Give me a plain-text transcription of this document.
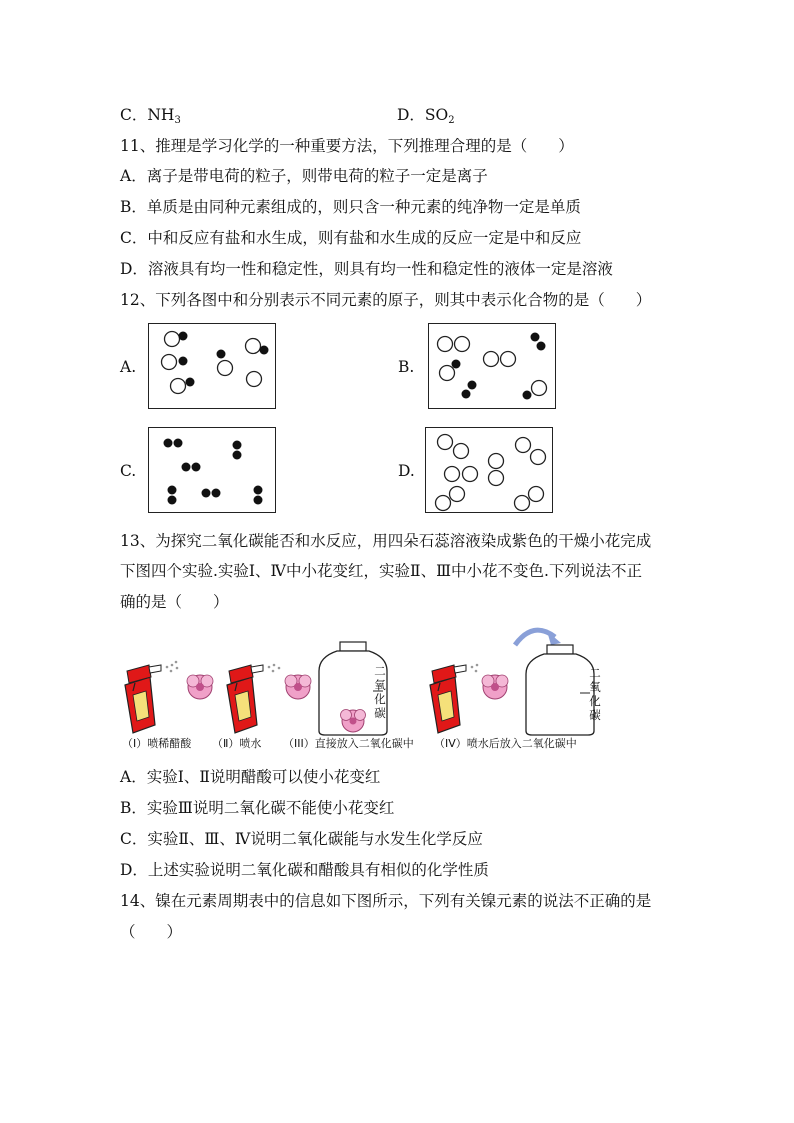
C．$NH_3$	D．$SO_2$
11、推理是学习化学的一种重要方法，下列推理合理的是（　　）
A．离子是带电荷的粒子，则带电荷的粒子一定是离子
B．单质是由同种元素组成的，则只含一种元素的纯净物一定是单质
C．中和反应有盐和水生成，则有盐和水生成的反应一定是中和反应
D．溶液具有均一性和稳定性，则具有均一性和稳定性的液体一定是溶液
12、下列各图中和分别表示不同元素的原子，则其中表示化合物的是（　　）
A.	B.
C.	D.
13、为探究二氧化碳能否和水反应，用四朵石蕊溶液染成紫色的干燥小花完成
下图四个实验.实验Ⅰ、Ⅳ中小花变红，实验Ⅱ、Ⅲ中小花不变色.下列说法不正
确的是（　　）
二
氧
化
碳
二
氧
化
碳
（I）喷稀醋酸 （Ⅱ）喷水 （III）直接放入二氧化碳中 （IV）喷水后放入二氧化碳中
A．实验Ⅰ、Ⅱ说明醋酸可以使小花变红
B．实验Ⅲ说明二氧化碳不能使小花变红
C．实验Ⅱ、Ⅲ、Ⅳ说明二氧化碳能与水发生化学反应
D．上述实验说明二氧化碳和醋酸具有相似的化学性质
14、镍在元素周期表中的信息如下图所示，下列有关镍元素的说法不正确的是
（　　）
